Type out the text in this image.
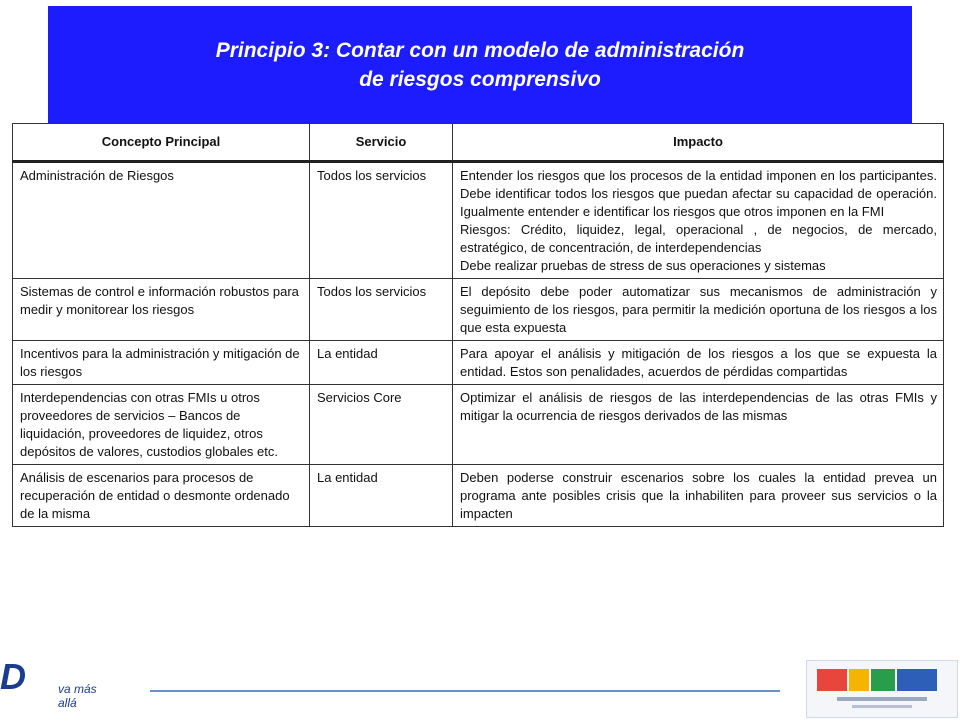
Principio 3: Contar con un modelo de administración
de riesgos comprensivo
D	va más allá
Concepto Principal	Servicio	Impacto
Administración de Riesgos	Todos los servicios	Entender los riesgos que los procesos de la entidad imponen en los participantes. Debe identificar todos los riesgos que puedan afectar su capacidad de operación. Igualmente entender e identificar los riesgos que otros imponen en la FMI
Riesgos: Crédito, liquidez, legal, operacional , de negocios, de mercado, estratégico, de concentración, de interdependencias
Debe realizar pruebas de stress de sus operaciones y sistemas

Sistemas de control e información robustos para medir y monitorear los riesgos	Todos los servicios	El depósito debe poder automatizar sus mecanismos de administración y seguimiento de los riesgos, para permitir la medición oportuna de los riesgos a los que esta expuesta

Incentivos para la administración y mitigación de los riesgos	La entidad	Para apoyar el análisis y mitigación de los riesgos a los que se expuesta la entidad. Estos son penalidades, acuerdos de pérdidas compartidas

Interdependencias con otras FMIs u otros proveedores de servicios – Bancos de liquidación, proveedores de liquidez, otros depósitos de valores, custodios globales etc.	Servicios Core	Optimizar el análisis de riesgos de las interdependencias de las otras FMIs y mitigar la ocurrencia de riesgos derivados de las mismas

Análisis de escenarios para procesos de recuperación de entidad o desmonte ordenado de la misma	La entidad	Deben poderse construir escenarios sobre los cuales la entidad prevea un programa ante posibles crisis que la inhabiliten para proveer sus servicios o la impacten
